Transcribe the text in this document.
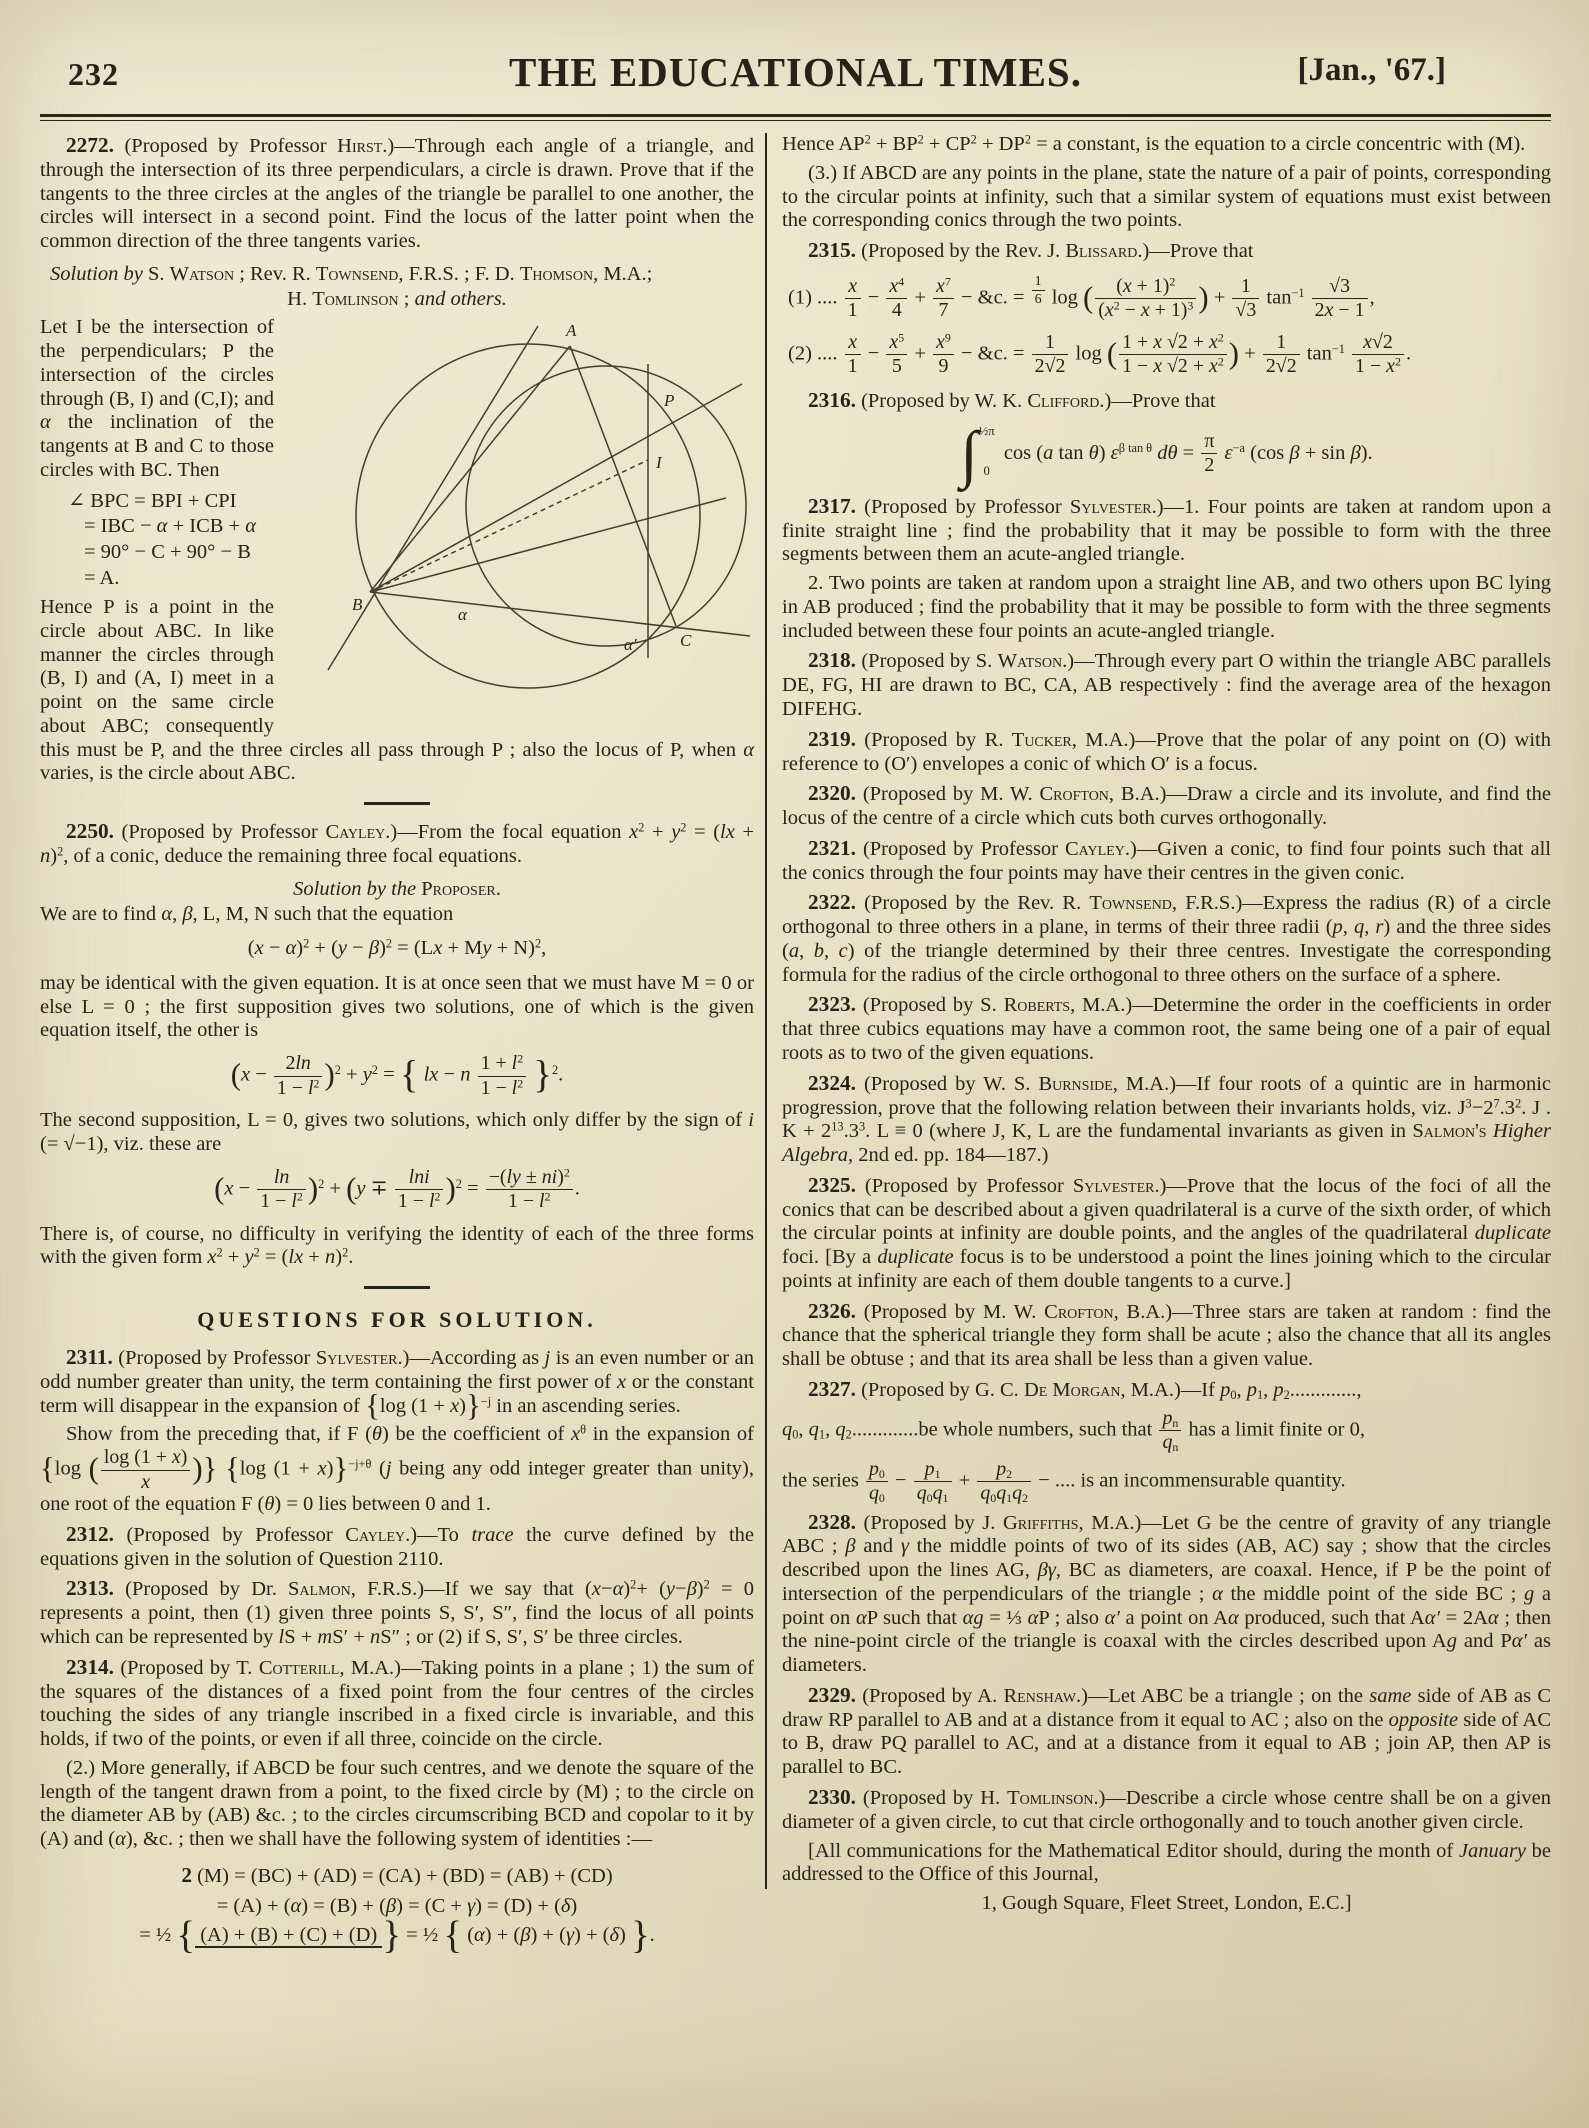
232	THE EDUCATIONAL TIMES.	[Jan., '67.]

2272. (Proposed by Professor Hirst.)—Through each angle of a triangle, and through the intersection of its three perpendiculars, a circle is drawn. Prove that if the tangents to the three circles at the angles of the triangle be parallel to one another, the circles will intersect in a second point. Find the locus of the latter point when the common direction of the three tangents varies.

Solution by S. Watson ; Rev. R. Townsend, F.R.S. ; F. D. Thomson, M.A.;

H. Tomlinson ; and others.

A
P
I
B
C
α
α′

Let I be the intersection of the perpendiculars; P the intersection of the circles through (B, I) and (C,I); and α the inclination of the tangents at B and C to those circles with BC. Then

∠ BPC = BPI + CPI
= IBC − α + ICB + α
= 90° − C + 90° − B
= A.

Hence P is a point in the circle about ABC. In like manner the circles through (B, I) and (A, I) meet in a point on the same circle about ABC; consequently this must be P, and the three circles all pass through P ; also the locus of P, when α varies, is the circle about ABC.

2250. (Proposed by Professor Cayley.)—From the focal equation $x^2 + y^2 = (lx + n)^2$, of a conic, deduce the remaining three focal equations.

Solution by the Proposer.

We are to find α, β, L, M, N such that the equation

$(x - \alpha)^2 + (y - \beta)^2 = (Lx + My + N)^2$,

may be identical with the given equation. It is at once seen that we must have M = 0 or else L = 0 ; the first supposition gives two solutions, one of which is the given equation itself, the other is

$(x - \frac{2\ln}{1 - l^2} )^2 + y^2$ = { lx − n $\frac{1 + l^2}{1 - l^2} \}^2$.

The second supposition, L = 0, gives two solutions, which only differ by the sign of i (= √−1), viz. these are

$(x - \frac{\ln}{1 - l^2} )^2 + (y \mp \frac{\ln i}{1 - l^2} )^2 = \frac{-(ly \pm ni)^2}{1 - l^2}$ .

There is, of course, no difficulty in verifying the identity of each of the three forms with the given form $x^2 + y^2 = (lx + n)^2$.

QUESTIONS FOR SOLUTION.

2311. (Proposed by Professor Sylvester.)—According as j is an even number or an odd number greater than unity, the term containing the first power of x or the constant term will disappear in the expansion of {log (1 + x)}$^{-j}$ in an ascending series.

Show from the preceding that, if F (θ) be the coefficient of $x^\theta$ in the expansion of {log ( $\frac{\log (1 + x)}{x}$ )} {log (1 + x)}$^{-j+\theta}$ (j being any odd integer greater than unity), one root of the equation F (θ) = 0 lies between 0 and 1.

2312. (Proposed by Professor Cayley.)—To trace the curve defined by the equations given in the solution of Question 2110.

2313. (Proposed by Dr. Salmon, F.R.S.)—If we say that $(x-\alpha)^2+ (y-\beta)^2 = 0$ represents a point, then (1) given three points S, S′, S″, find the locus of all points which can be represented by lS + mS′ + nS″ ; or (2) if S, S′, S′ be three circles.

2314. (Proposed by T. Cotterill, M.A.)—Taking points in a plane ; 1) the sum of the squares of the distances of a fixed point from the four centres of the circles touching the sides of any triangle inscribed in a fixed circle is invariable, and this holds, if two of the points, or even if all three, coincide on the circle.

(2.) More generally, if ABCD be four such centres, and we denote the square of the length of the tangent drawn from a point, to the fixed circle by (M) ; to the circle on the diameter AB by (AB) &c. ; to the circles circumscribing BCD and copolar to it by (A) and (α), &c. ; then we shall have the following system of identities :—

2 (M) = (BC) + (AD) = (CA) + (BD) = (AB) + (CD)
= (A) + (α) = (B) + (β) = (C + γ) = (D) + (δ)
= ½ { (A) + (B) + (C) + (D) } = ½ { (α) + (β) + (γ) + (δ) }.

Hence $AP^2 + BP^2 + CP^2 + DP^2 = a$ constant, is the equation to a circle concentric with (M).

(3.) If ABCD are any points in the plane, state the nature of a pair of points, corresponding to the circular points at infinity, such that a similar system of equations must exist between the corresponding conics through the two points.

2315. (Proposed by the Rev. J. Blissard.)—Prove that

(1) .... $\frac{x}{1} - \frac{x^4}{4} + \frac{x^7}{7}$ − &c. = $\frac{1}{6}$ log ( $\frac{(x + 1)^2}{(x^2 - x + 1)^3}$ ) + $\frac{1}{√3} \tan^{-1} \frac{√3}{2x - 1}$ ,
(2) .... $\frac{x}{1} - \frac{x^5}{5} + \frac{x^9}{9}$ − &c. = $\frac{1}{2√2}$ log ( $\frac{1 + x √2 + x^2}{1 - x √2 + x^2}$ ) + $\frac{1}{2√2} \tan^{-1} \frac{x√2}{1 - x^2}$ .

2316. (Proposed by W. K. Clifford.)—Prove that

∫ ½π
0
cos (a tan θ) $\varepsilon^{\beta tan \theta}$ $d\theta = \frac{\pi}{2} \varepsilon^{-a}$ (cos β + sin β).

2317. (Proposed by Professor Sylvester.)—1. Four points are taken at random upon a finite straight line ; find the probability that it may be possible to form with the three segments between them an acute-angled triangle.

2. Two points are taken at random upon a straight line AB, and two others upon BC lying in AB produced ; find the probability that it may be possible to form with the three segments included between these four points an acute-angled triangle.

2318. (Proposed by S. Watson.)—Through every part O within the triangle ABC parallels DE, FG, HI are drawn to BC, CA, AB respectively : find the average area of the hexagon DIFEHG.

2319. (Proposed by R. Tucker, M.A.)—Prove that the polar of any point on (O) with reference to (O′) envelopes a conic of which O′ is a focus.

2320. (Proposed by M. W. Crofton, B.A.)—Draw a circle and its involute, and find the locus of the centre of a circle which cuts both curves orthogonally.

2321. (Proposed by Professor Cayley.)—Given a conic, to find four points such that all the conics through the four points may have their centres in the given conic.

2322. (Proposed by the Rev. R. Townsend, F.R.S.)—Express the radius (R) of a circle orthogonal to three others in a plane, in terms of their three radii (p, q, r) and the three sides (a, b, c) of the triangle determined by their three centres. Investigate the corresponding formula for the radius of the circle orthogonal to three others on the surface of a sphere.

2323. (Proposed by S. Roberts, M.A.)—Determine the order in the coefficients in order that three cubics equations may have a common root, the same being one of a pair of equal roots as to two of the given equations.

2324. (Proposed by W. S. Burnside, M.A.)—If four roots of a quintic are in harmonic progression, prove that the following relation between their invariants holds, viz. $J^3-2^7.3^2$. J . $K + 2^{13}.3^3$. L ≡ 0 (where J, K, L are the fundamental invariants as given in Salmon's Higher Algebra, 2nd ed. pp. 184—187.)

2325. (Proposed by Professor Sylvester.)—Prove that the locus of the foci of all the conics that can be described about a given quadrilateral is a curve of the sixth order, of which the circular points at infinity are double points, and the angles of the quadrilateral duplicate foci. [By a duplicate focus is to be understood a point the lines joining which to the circular points at infinity are each of them double tangents to a curve.]

2326. (Proposed by M. W. Crofton, B.A.)—Three stars are taken at random : find the chance that the spherical triangle they form shall be acute ; also the chance that all its angles shall be obtuse ; and that its area shall be less than a given value.

2327. (Proposed by G. C. De Morgan, M.A.)—If $p_0$, $p_1$, $p_2$.............,

$q_0$, $q_1$, $q_2.............be$ whole numbers, such that $\frac{p_n}{q_n}$ has a limit finite or 0,

the series $\frac{p_0}{q_0} - \frac{p_1}{q_0q_1} + \frac{p_2}{q_0q_1q_2}$ − .... is an incommensurable quantity.

2328. (Proposed by J. Griffiths, M.A.)—Let G be the centre of gravity of any triangle ABC ; β and γ the middle points of two of its sides (AB, AC) say ; show that the circles described upon the lines AG, βγ, BC as diameters, are coaxal. Hence, if P be the point of intersection of the perpendiculars of the triangle ; α the middle point of the side BC ; g a point on αP such that αg = ⅓ αP ; also α′ a point on Aα produced, such that Aα′ = 2Aα ; then the nine-point circle of the triangle is coaxal with the circles described upon Ag and Pα′ as diameters.

2329. (Proposed by A. Renshaw.)—Let ABC be a triangle ; on the same side of AB as C draw RP parallel to AB and at a distance from it equal to AC ; also on the opposite side of AC to B, draw PQ parallel to AC, and at a distance from it equal to AB ; join AP, then AP is parallel to BC.

2330. (Proposed by H. Tomlinson.)—Describe a circle whose centre shall be on a given diameter of a given circle, to cut that circle orthogonally and to touch another given circle.

[All communications for the Mathematical Editor should, during the month of January be addressed to the Office of this Journal,

1, Gough Square, Fleet Street, London, E.C.]
